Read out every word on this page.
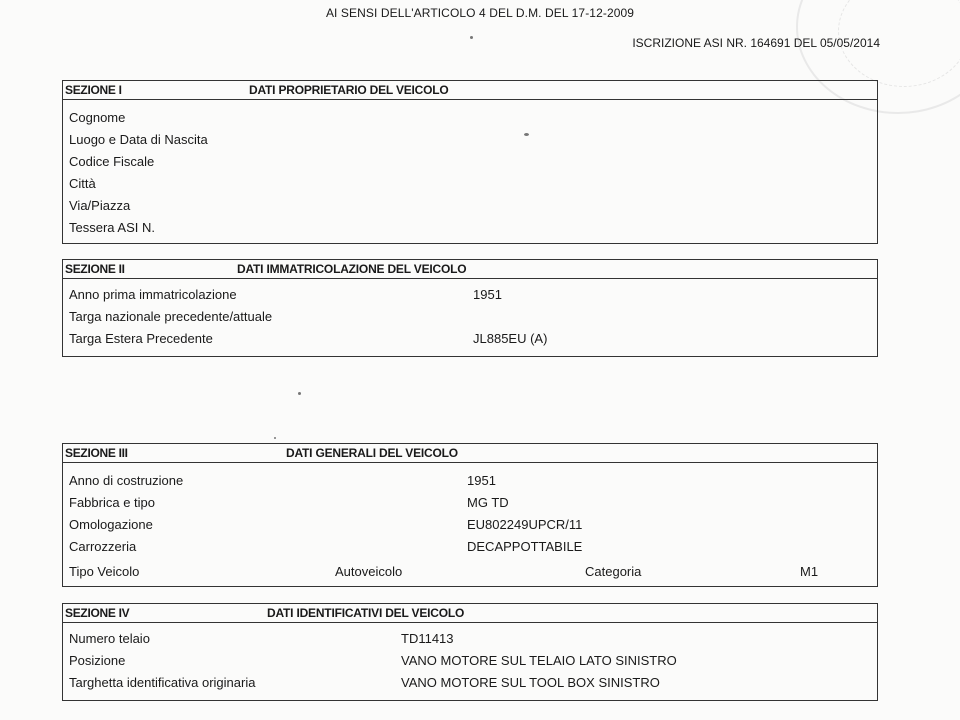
AI SENSI DELL'ARTICOLO 4 DEL D.M. DEL 17-12-2009
ISCRIZIONE ASI NR. 164691 DEL 05/05/2014
SEZIONE I	DATI PROPRIETARIO DEL VEICOLO
Cognome
Luogo e Data di Nascita
Codice Fiscale
Città
Via/Piazza
Tessera ASI N.
SEZIONE II	DATI IMMATRICOLAZIONE DEL VEICOLO
Anno prima immatricolazione	1951
Targa nazionale precedente/attuale
Targa Estera Precedente	JL885EU (A)
SEZIONE III	DATI GENERALI DEL VEICOLO
Anno di costruzione	1951
Fabbrica e tipo	MG TD
Omologazione	EU802249UPCR/11
Carrozzeria	DECAPPOTTABILE
Tipo Veicolo	Autoveicolo	Categoria	M1
SEZIONE IV	DATI IDENTIFICATIVI DEL VEICOLO
Numero telaio	TD11413
Posizione	VANO MOTORE SUL TELAIO LATO SINISTRO
Targhetta identificativa originaria	VANO MOTORE SUL TOOL BOX SINISTRO
